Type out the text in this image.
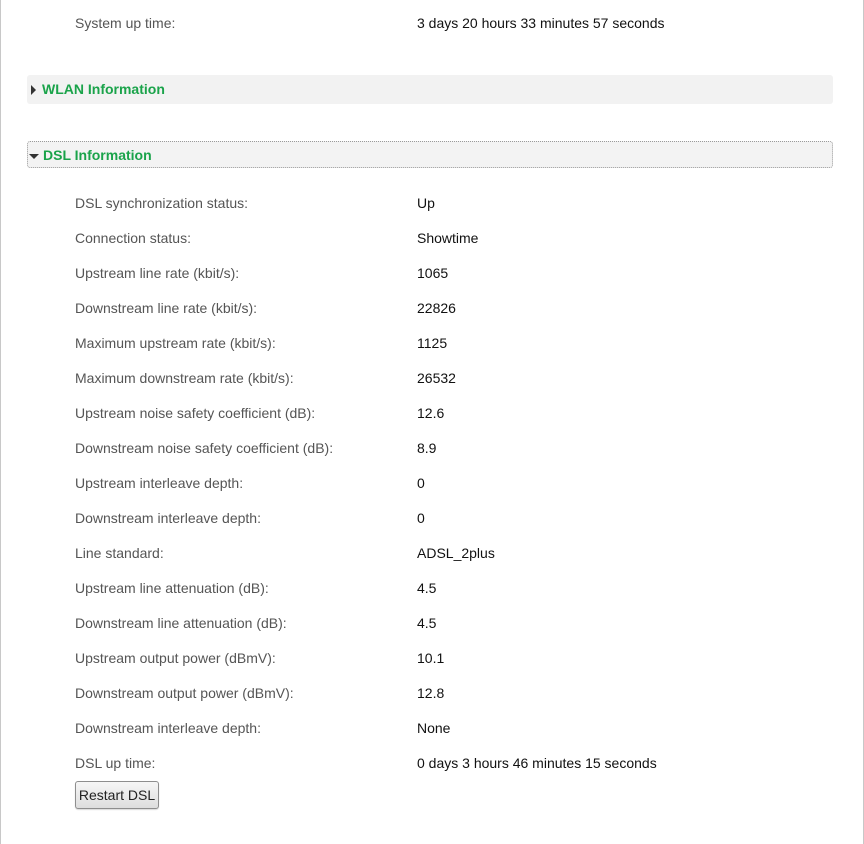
System up time:	3 days 20 hours 33 minutes 57 seconds
WLAN Information
DSL Information
DSL synchronization status:	Up
Connection status:	Showtime
Upstream line rate (kbit/s):	1065
Downstream line rate (kbit/s):	22826
Maximum upstream rate (kbit/s):	1125
Maximum downstream rate (kbit/s):	26532
Upstream noise safety coefficient (dB):	12.6
Downstream noise safety coefficient (dB):	8.9
Upstream interleave depth:	0
Downstream interleave depth:	0
Line standard:	ADSL_2plus
Upstream line attenuation (dB):	4.5
Downstream line attenuation (dB):	4.5
Upstream output power (dBmV):	10.1
Downstream output power (dBmV):	12.8
Downstream interleave depth:	None
DSL up time:	0 days 3 hours 46 minutes 15 seconds
Restart DSL
